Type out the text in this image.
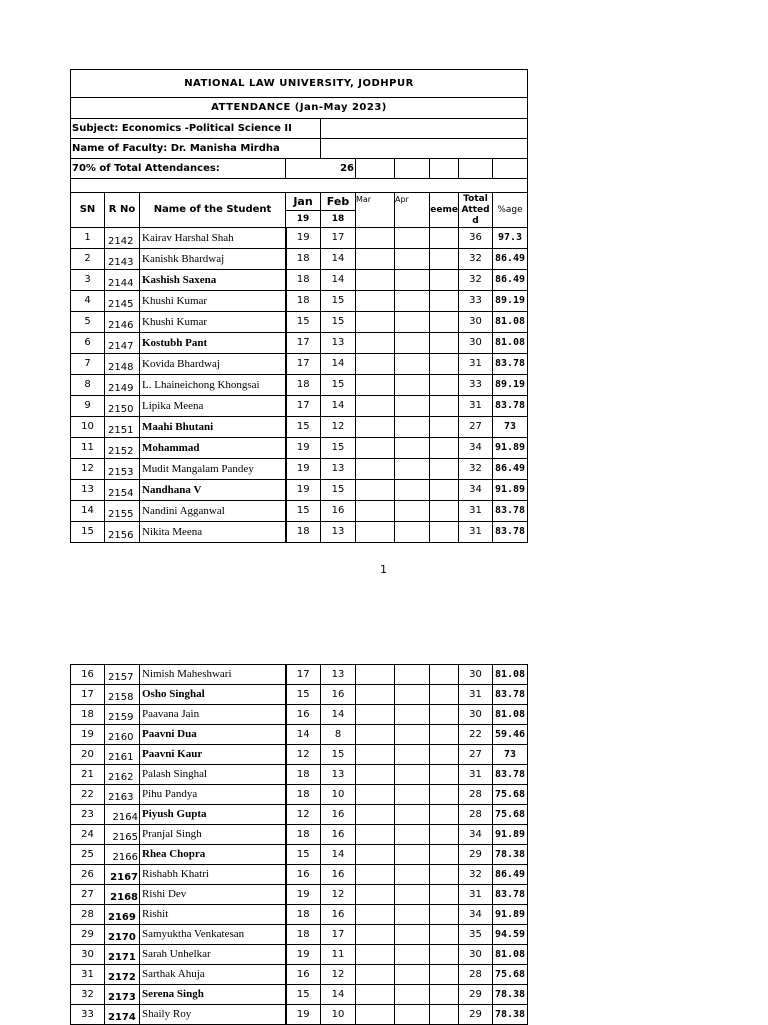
NATIONAL LAW UNIVERSITY, JODHPUR							
ATTENDANCE (Jan-May 2023)							
Subject: Economics -Political Science II							
Name of Faculty: Dr. Manisha Mirdha							
70% of Total Attendances:	26						

SN	R No	Name of the Student	Jan	Feb	Mar	Apr	eeme	Total Atted d	%age
			19	18					
1	2142	Kairav Harshal Shah	19	17				36	97.3
2	2143	Kanishk Bhardwaj	18	14				32	86.49
3	2144	Kashish Saxena	18	14				32	86.49
4	2145	Khushi Kumar	18	15				33	89.19
5	2146	Khushi Kumar	15	15				30	81.08
6	2147	Kostubh Pant	17	13				30	81.08
7	2148	Kovida Bhardwaj	17	14				31	83.78
8	2149	L. Lhaineichong Khongsai	18	15				33	89.19
9	2150	Lipika Meena	17	14				31	83.78
10	2151	Maahi Bhutani	15	12				27	73
11	2152	Mohammad	19	15				34	91.89
12	2153	Mudit Mangalam Pandey	19	13				32	86.49
13	2154	Nandhana V	19	15				34	91.89
14	2155	Nandini Agganwal	15	16				31	83.78
15	2156	Nikita Meena	18	13				31	83.78
1
16	2157	Nimish Maheshwari	17	13				30	81.08
17	2158	Osho Singhal	15	16				31	83.78
18	2159	Paavana Jain	16	14				30	81.08
19	2160	Paavni Dua	14	8				22	59.46
20	2161	Paavni Kaur	12	15				27	73
21	2162	Palash Singhal	18	13				31	83.78
22	2163	Pihu Pandya	18	10				28	75.68
23	2164	Piyush Gupta	12	16				28	75.68
24	2165	Pranjal Singh	18	16				34	91.89
25	2166	Rhea Chopra	15	14				29	78.38
26	2167	Rishabh Khatri	16	16				32	86.49
27	2168	Rishi Dev	19	12				31	83.78
28	2169	Rishit	18	16				34	91.89
29	2170	Samyuktha Venkatesan	18	17				35	94.59
30	2171	Sarah Unhelkar	19	11				30	81.08
31	2172	Sarthak Ahuja	16	12				28	75.68
32	2173	Serena Singh	15	14				29	78.38
33	2174	Shaily Roy	19	10				29	78.38
